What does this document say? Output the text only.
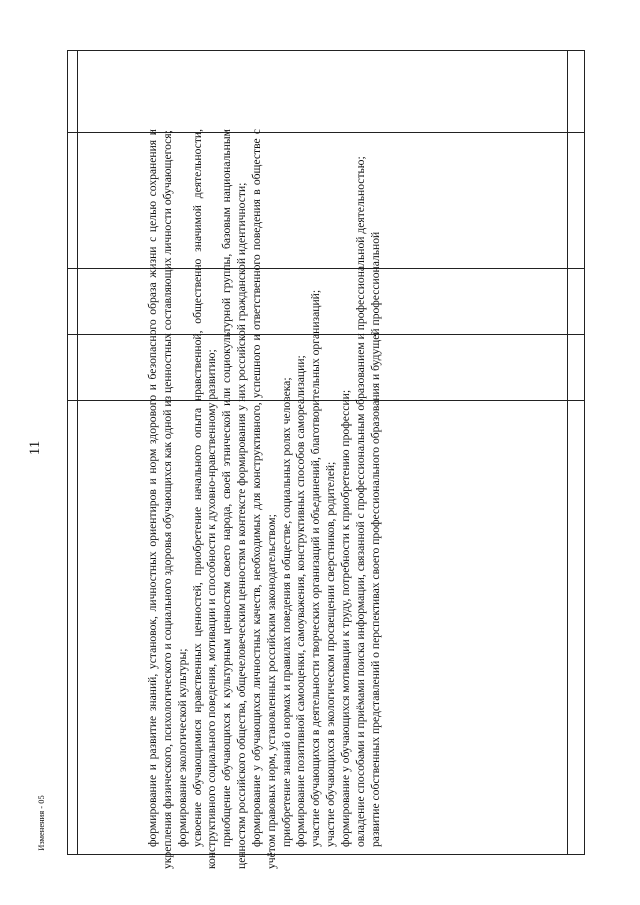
11	формирование и развитие знаний, установок, личностных ориентиров и норм здорового и безопасного образа жизни с целью сохранения и укрепления физического, психологического и социального здоровья обучающихся как одной из ценностных составляющих личности обучающегося; формирование экологической культуры; усвоение обучающимися нравственных ценностей, приобретение начального опыта нравственной, общественно значимой деятельности, конструктивного социального поведения, мотивации и способности к духовно-нравственному развитию; приобщение обучающихся к культурным ценностям своего народа, своей этнической или социокультурной группы, базовым национальным ценностям российского общества, общечеловеческим ценностям в контексте формирования у них российской гражданской идентичности; формирование у обучающихся личностных качеств, необходимых для конструктивного, успешного и ответственного поведения в обществе с учётом правовых норм, установленных российским законодательством; приобретение знаний о нормах и правилах поведения в обществе, социальных ролях человека; формирование позитивной самооценки, самоуважения, конструктивных способов самореализации; участие обучающихся в деятельности творческих организаций и объединений, благотворительных организаций; участие обучающихся в экологическом просвещении сверстников, родителей; формирование у обучающихся мотивации к труду, потребности к приобретению профессии; овладение способами и приёмами поиска информации, связанной с профессиональным образованием и профессиональной деятельностью; развитие собственных представлений о перспективах своего профессионального образования и будущей профессиональной

Изменения - 05
